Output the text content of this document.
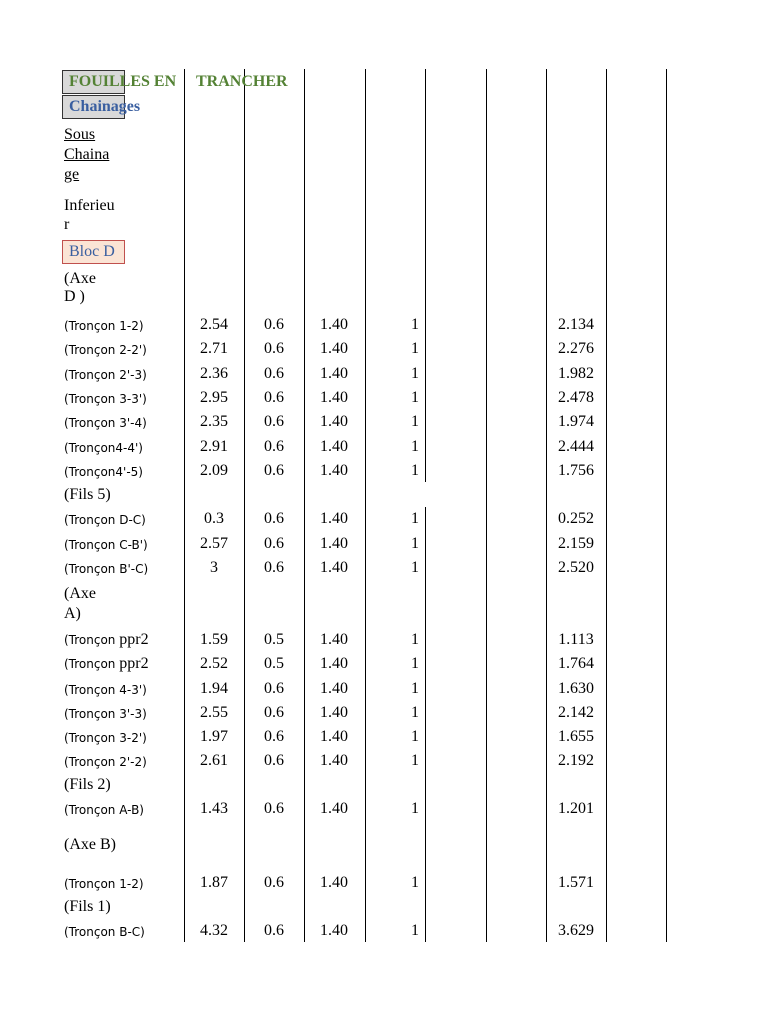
FOUILLES EN TRANCHER
Chainages
Sous
Chaina
ge
Inferieu
r
Bloc D
(Axe
D )
(Tronçon 1-2)	2.54	0.6	1.40	1	2.134
(Tronçon 2-2')	2.71	0.6	1.40	1	2.276
(Tronçon 2'-3)	2.36	0.6	1.40	1	1.982
(Tronçon 3-3')	2.95	0.6	1.40	1	2.478
(Tronçon 3'-4)	2.35	0.6	1.40	1	1.974
(Tronçon4-4')	2.91	0.6	1.40	1	2.444
(Tronçon4'-5)	2.09	0.6	1.40	1	1.756
(Fils 5)
(Tronçon D-C)	0.3	0.6	1.40	1	0.252
(Tronçon C-B')	2.57	0.6	1.40	1	2.159
(Tronçon B'-C)	3	0.6	1.40	1	2.520
(Axe
A)
(Tronçon ppr2	1.59	0.5	1.40	1	1.113
(Tronçon ppr2	2.52	0.5	1.40	1	1.764
(Tronçon 4-3')	1.94	0.6	1.40	1	1.630
(Tronçon 3'-3)	2.55	0.6	1.40	1	2.142
(Tronçon 3-2')	1.97	0.6	1.40	1	1.655
(Tronçon 2'-2)	2.61	0.6	1.40	1	2.192
(Fils 2)
(Tronçon A-B)	1.43	0.6	1.40	1	1.201
(Axe B)
(Tronçon 1-2)	1.87	0.6	1.40	1	1.571
(Fils 1)
(Tronçon B-C)	4.32	0.6	1.40	1	3.629
